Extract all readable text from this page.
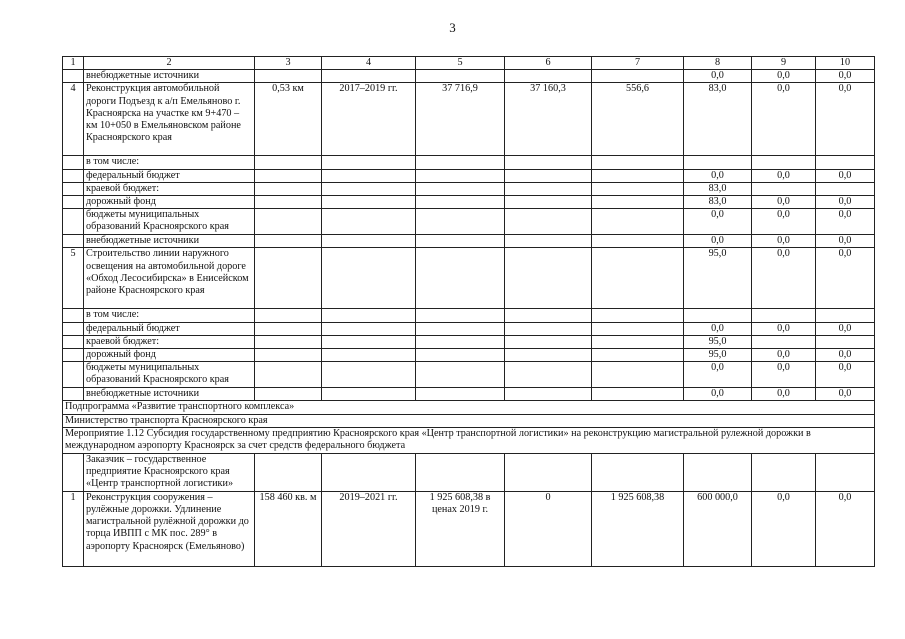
3
1	2	3	4	5	6	7	8	9	10
	внебюджетные источники						0,0	0,0	0,0
4	Реконструкция автомобильной дороги Подъезд к а/п Емельяново г. Красноярска на участке км 9+470 – км 10+050 в Емельяновском районе Красноярского края	0,53 км	2017–2019 гг.	37 716,9	37 160,3	556,6	83,0	0,0	0,0
	в том числе:								
	федеральный бюджет						0,0	0,0	0,0
	краевой бюджет:						83,0		
	дорожный фонд						83,0	0,0	0,0
	бюджеты муниципальных образований Красноярского края						0,0	0,0	0,0
	внебюджетные источники						0,0	0,0	0,0
5	Строительство линии наружного освещения на автомобильной дороге «Обход Лесосибирска» в Енисейском районе Красноярского края						95,0	0,0	0,0
	в том числе:								
	федеральный бюджет						0,0	0,0	0,0
	краевой бюджет:						95,0		
	дорожный фонд						95,0	0,0	0,0
	бюджеты муниципальных образований Красноярского края						0,0	0,0	0,0
	внебюджетные источники						0,0	0,0	0,0
Подпрограмма «Развитие транспортного комплекса»									
Министерство транспорта Красноярского края									
Мероприятие 1.12 Субсидия государственному предприятию Красноярского края «Центр транспортной логистики» на реконструкцию магистральной рулежной дорожки в международном аэропорту Красноярск за счет средств федерального бюджета									
	Заказчик – государственное предприятие Красноярского края «Центр транспортной логистики»								
1	Реконструкция сооружения – рулёжные дорожки. Удлинение магистральной рулёжной дорожки до торца ИВПП с МК пос. 289° в аэропорту Красноярск (Емельяново)	158 460 кв. м	2019–2021 гг.	1 925 608,38 в ценах 2019 г.	0	1 925 608,38	600 000,0	0,0	0,0
